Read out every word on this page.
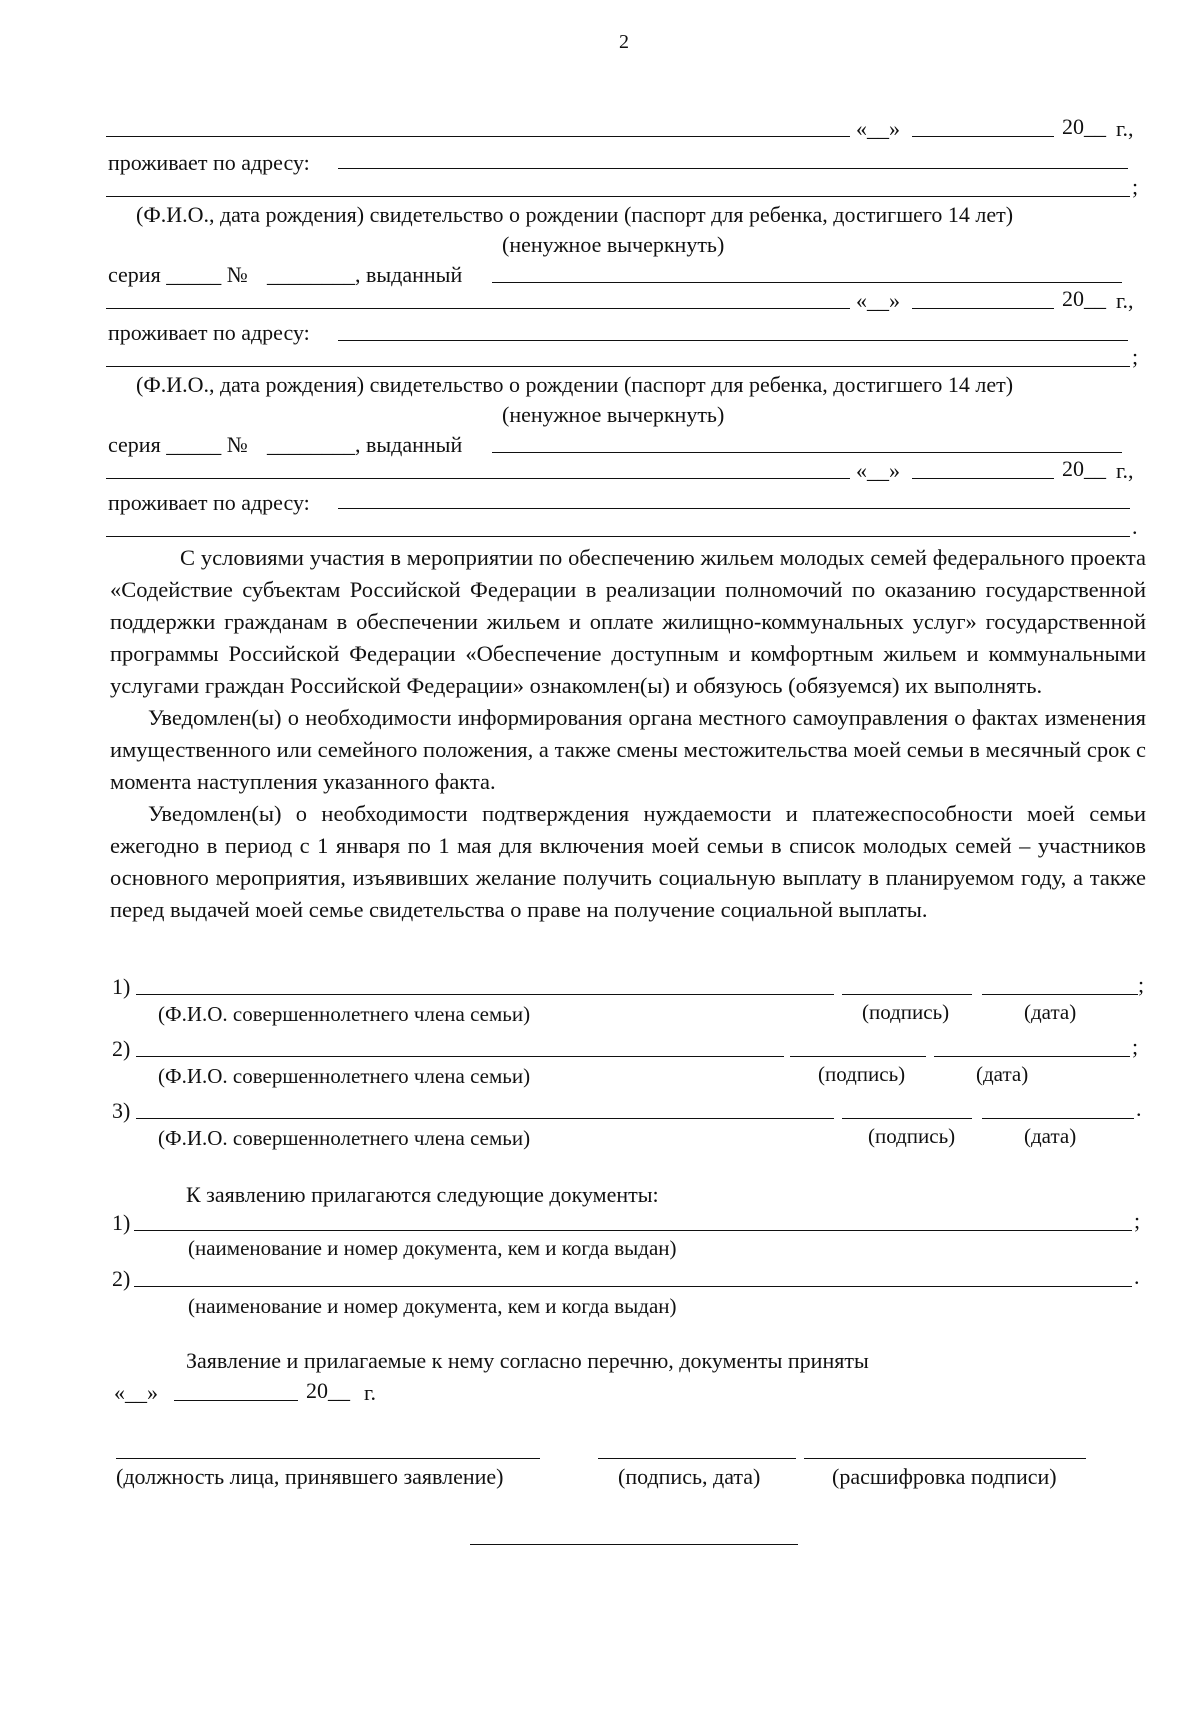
2
«__»	20__ г.,
проживает по адресу:
;
(Ф.И.О., дата рождения) свидетельство о рождении (паспорт для ребенка, достигшего 14 лет)
(ненужное вычеркнуть)
серия _____ № ________, выданный
«__»	20__ г.,
проживает по адресу:
;
(Ф.И.О., дата рождения) свидетельство о рождении (паспорт для ребенка, достигшего 14 лет)
(ненужное вычеркнуть)
серия _____ № ________, выданный
«__»	20__ г.,
проживает по адресу:
.

С условиями участия в мероприятии по обеспечению жильем молодых семей федерального проекта «Содействие субъектам Российской Федерации в реализации полномочий по оказанию государственной поддержки гражданам в обеспечении жильем и оплате жилищно-коммунальных услуг» государственной программы Российской Федерации «Обеспечение доступным и комфортным жильем и коммунальными услугами граждан Российской Федерации» ознакомлен(ы) и обязуюсь (обязуемся) их выполнять.

Уведомлен(ы) о необходимости информирования органа местного самоуправления о фактах изменения имущественного или семейного положения, а также смены местожительства моей семьи в месячный срок с момента наступления указанного факта.

Уведомлен(ы) о необходимости подтверждения нуждаемости и платежеспособности моей семьи ежегодно в период с 1 января по 1 мая для включения моей семьи в список молодых семей – участников основного мероприятия, изъявивших желание получить социальную выплату в планируемом году, а также перед выдачей моей семье свидетельства о праве на получение социальной выплаты.

1)	;
(Ф.И.О. совершеннолетнего члена семьи)	(подпись)	(дата)
2)	;
(Ф.И.О. совершеннолетнего члена семьи)	(подпись)	(дата)
3)	.
(Ф.И.О. совершеннолетнего члена семьи)	(подпись)	(дата)
К заявлению прилагаются следующие документы:
1)	;
(наименование и номер документа, кем и когда выдан)
2)	.
(наименование и номер документа, кем и когда выдан)
Заявление и прилагаемые к нему согласно перечню, документы приняты
«__»	20__ г.
(должность лица, принявшего заявление)	(подпись, дата)	(расшифровка подписи)
